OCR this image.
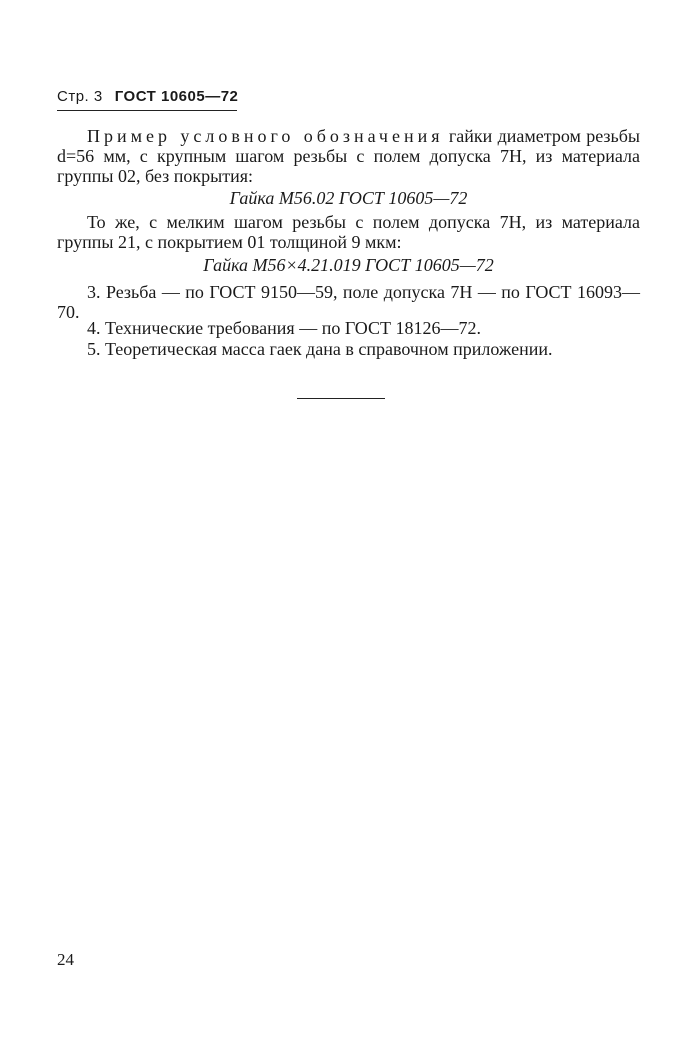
Стр. 3 ГОСТ 10605—72
Пример условного обозначения гайки диаметром резьбы d=56 мм, с крупным шагом резьбы с полем допуска 7Н, из материала группы 02, без покрытия:
Гайка М56.02 ГОСТ 10605—72
То же, с мелким шагом резьбы с полем допуска 7Н, из материала группы 21, с покрытием 01 толщиной 9 мкм:
Гайка М56×4.21.019 ГОСТ 10605—72
3. Резьба — по ГОСТ 9150—59, поле допуска 7Н — по ГОСТ 16093—70.
4. Технические требования — по ГОСТ 18126—72.
5. Теоретическая масса гаек дана в справочном приложении.
24
